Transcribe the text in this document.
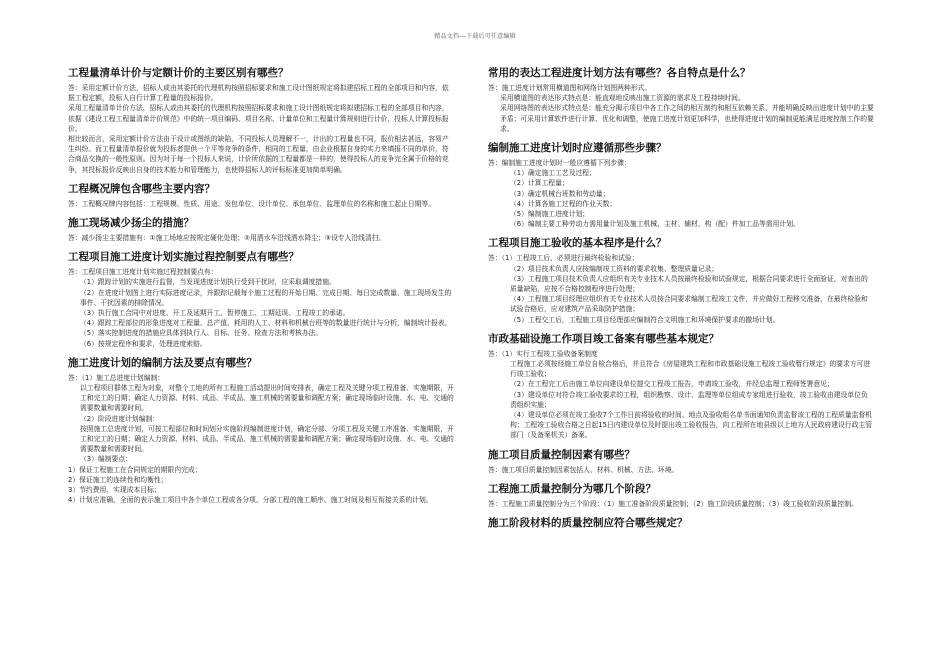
精品文档---下载后可任意编辑
工程量清单计价与定额计价的主要区别有哪些？

答：采用定额计价方法，招标人或由其委托的代理机构按照招标要求和施工设计图纸规定将拟建招标工程的全部项目和内容，依据工程定额，投标人自行计算工程量的投标报价。

采用工程量清单计价方法，招标人或由其委托的代理机构按照招标要求和施工设计图纸规定将拟建招标工程的全部项目和内容，依据《建设工程工程量清单计价规范》中的统一项目编码、项目名称、计量单位和工程量计算规则进行计价，投标人计算投标报价。

相比较而言，采用定额计价方法由于设计或图纸的缺陷，不同投标人员理解不一，计出的工程量也不同，报价相去甚远，容易产生纠纷。而工程量清单报价就为投标者提供一个平等竞争的条件，相同的工程量，由企业根据自身的实力来填报不同的单价，符合商品交换的一般性原则。因为对于每一个投标人来说，计价所依据的工程量都是一样的，使得投标人的竞争完全属于价格的竞争，其投标报价反映出自身的技术能力和管理能力，也使得招标人的评标标准更加简单明确。

工程概况牌包含哪些主要内容？

答：工程概况牌内容包括：工程规模、性质、用途、发包单位、设计单位、承包单位、监理单位的名称和施工起止日期等。

施工现场减少扬尘的措施？

答：减少扬尘主要措施有：①施工场地应按规定硬化处理；②用洒水车沿线洒水降尘；③设专人沿线清扫。

工程项目施工进度计划实施过程控制要点有哪些？

答：工程项目施工进度计划实施过程控制要点有：

（1）跟踪计划的实施进行监督，当发现进度计划执行受到干扰时，应采取调度措施。

（2）在进度计划图上进行实际进度记录，并跟踪记载每个施工过程的开始日期、完成日期、每日完成数量、施工现场发生的事件、干扰因素的排除情况。

（3）执行施工合同中对进度、开工及延期开工、暂停施工、工期延误、工程竣工的承诺。

（4）跟踪工程部位的形象进度对工程量、总产值、耗用的人工、材料和机械台班等的数量进行统计与分析，编制统计报表。

（5）落实控制进度的措施应具体到执行人、目标、任务、检查方法和考核办法。

（6）按规定程序和要求，处理进度索赔。

施工进度计划的编制方法及要点有哪些？

答：（1）施工总进度计划编制：

以工程项目群体工程为对象，对整个工地的所有工程施工活动提出时间安排表，确定工程及关键分项工程准备、实施期限，开工和完工的日期；确定人力资源、材料、成品、半成品、施工机械的需要量和调配方案；确定现场临时设施、水、电、交通的需要数量和需要时间。

（2）阶段进度计划编制：

按照施工总进度计划，可按工程部位和时间划分实施阶段编制进度计划，确定分部、分项工程及关键工序准备、实施期限，开工和完工的日期；确定人力资源、材料、成品、半成品、施工机械的需要量和调配方案；确定现场临时设施、水、电、交通的需要数量和需要时间。

（3）编制要点：

1）保证工程施工在合同规定的期限内完成；

2）保证施工的连续性和均衡性；

3）节约费用、实现成本目标；

4）计划应准确、全面的表示施工项目中各个单位工程或各分项、分部工程的施工顺序、施工时间及相互衔接关系的计划。

常用的表达工程进度计划方法有哪些？各自特点是什么？

答：施工进度计划常用横道图和网络计划图两种形式。

采用横道图的表达形式特点是：能直观地反映出施工资源的需求及工程持续时间。

采用网络图的表达形式特点是：能充分揭示项目中各工作之间的相互制约和相互依赖关系，并能明确反映出进度计划中的主要矛盾；可采用计算软件进行计算、优化和调整，使施工进度计划更加科学，也使得进度计划的编制更能满足进度控制工作的要求。

编制施工进度计划时应遵循那些步骤？

答：编制施工进度计划时一般应遵循下列步骤：

（1）确定施工工艺及过程；

（2）计算工程量；

（3）确定机械台班数和劳动量；

（4）计算各施工过程的作业天数；

（5）编制施工进度计划；

（6）编制主要工种劳动力需用量计划及施工机械、主材、辅材、构（配）件加工品等需用计划。

工程项目施工验收的基本程序是什么？

答：（1）工程竣工后，必须进行最终检验和试验；

（2）项目技术负责人应按编制竣工资料的要求收集、整理质量记录；

（3）工程施工项目技术负责人应组织有关专业技术人员按最终检验和试验规定，根据合同要求进行全面验证，对查出的质量缺陷，应按不合格控制程序进行处理；

（4）工程施工项目经理应组织有关专业技术人员按合同要求编制工程竣工文件，并应做好工程移交准备，在最终检验和试验合格后，应对建筑产品采取防护措施；

（5）工程交工后，工程施工项目经理部应编制符合文明施工和环境保护要求的撤场计划。

市政基础设施工作项目竣工备案有哪些基本规定？

答：（1）实行工程竣工验收备案制度

工程施工必须按经施工单位自检合格后，并且符合《房屋建筑工程和市政基础设施工程竣工验收暂行规定》的要求方可进行竣工验收；

（2）在工程完工后由施工单位向建设单位提交工程竣工报告，申请竣工验收，并经总监理工程师签署意见；

（3）建设单位对符合竣工验收要求的工程，组织勘察、设计、监理等单位组成专家组进行验收，竣工验收由建设单位负责组织实施；

（4）建设单位必须在竣工验收7个工作日前将验收的时间、地点及验收组名单书面通知负责监督该工程的工程质量监督机构；工程竣工验收合格之日起15日内建设单位及时提出竣工验收报告，向工程所在地县级以上地方人民政府建设行政主管部门（及备案机关）备案。

施工项目质量控制因素有哪些？

答：施工项目质量控制因素包括人、材料、机械、方法、环境。

工程施工质量控制分为哪几个阶段？

答：工程施工质量控制分为三个阶段：（1）施工准备阶段质量控制；（2）施工阶段质量控制；（3）竣工验收阶段质量控制。

施工阶段材料的质量控制应符合哪些规定？
